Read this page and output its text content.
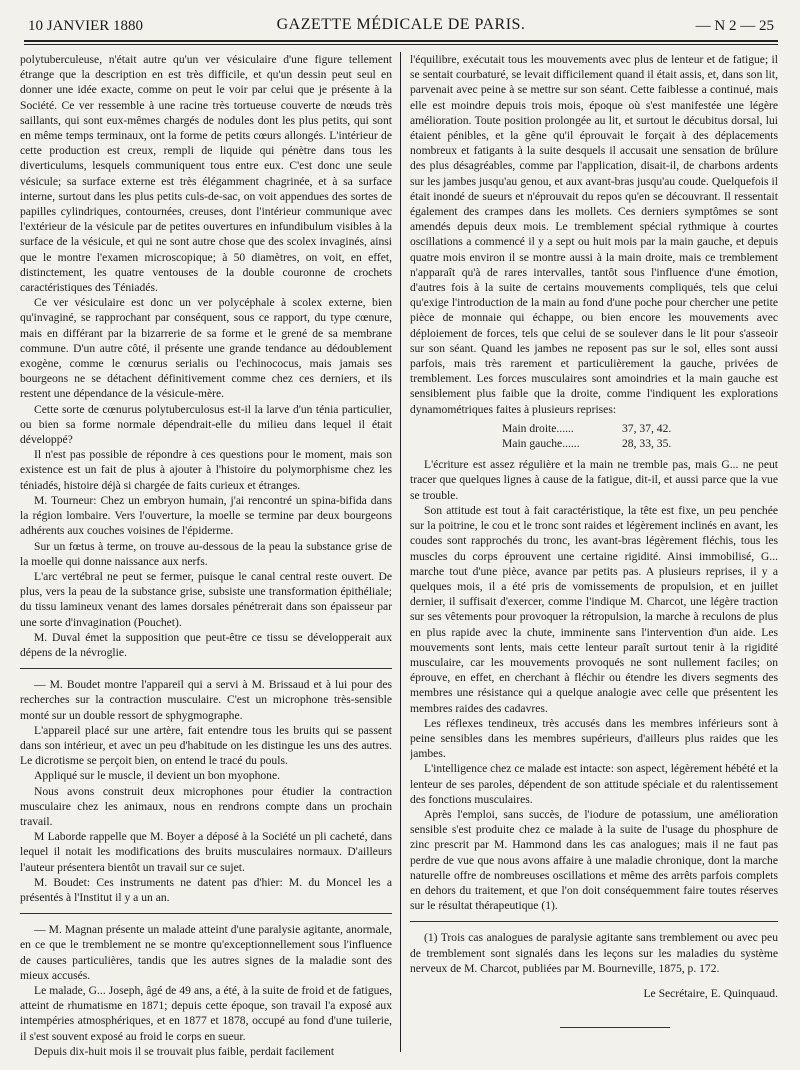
10 JANVIER 1880	GAZETTE MÉDICALE DE PARIS.	— N 2 — 25

polytuberculeuse, n'était autre qu'un ver vésiculaire d'une figure tellement étrange que la description en est très difficile, et qu'un dessin peut seul en donner une idée exacte, comme on peut le voir par celui que je présente à la Société. Ce ver ressemble à une racine très tortueuse couverte de nœuds très saillants, qui sont eux-mêmes chargés de nodules dont les plus petits, qui sont en même temps terminaux, ont la forme de petits cœurs allongés. L'intérieur de cette production est creux, rempli de liquide qui pénètre dans tous les diverticulums, lesquels communiquent tous entre eux. C'est donc une seule vésicule; sa surface externe est très élégamment chagrinée, et à sa surface interne, surtout dans les plus petits culs-de-sac, on voit appendues des sortes de papilles cylindriques, contournées, creuses, dont l'intérieur communique avec l'extérieur de la vésicule par de petites ouvertures en infundibulum visibles à la surface de la vésicule, et qui ne sont autre chose que des scolex invaginés, ainsi que le montre l'examen microscopique; à 50 diamètres, on voit, en effet, distinctement, les quatre ventouses de la double couronne de crochets caractéristiques des Téniadés.

Ce ver vésiculaire est donc un ver polycéphale à scolex externe, bien qu'invaginé, se rapprochant par conséquent, sous ce rapport, du type cœnure, mais en différant par la bizarrerie de sa forme et le grené de sa membrane commune. D'un autre côté, il présente une grande tendance au dédoublement exogène, comme le cœnurus serialis ou l'echinococus, mais jamais ses bourgeons ne se détachent définitivement comme chez ces derniers, et ils restent une dépendance de la vésicule-mère.

Cette sorte de cœnurus polytuberculosus est-il la larve d'un ténia particulier, ou bien sa forme normale dépendrait-elle du milieu dans lequel il était développé?

Il n'est pas possible de répondre à ces questions pour le moment, mais son existence est un fait de plus à ajouter à l'histoire du polymorphisme chez les téniadés, histoire déjà si chargée de faits curieux et étranges.

M. Tourneur: Chez un embryon humain, j'ai rencontré un spina-bifida dans la région lombaire. Vers l'ouverture, la moelle se termine par deux bourgeons adhérents aux couches voisines de l'épiderme.

Sur un fœtus à terme, on trouve au-dessous de la peau la substance grise de la moelle qui donne naissance aux nerfs.

L'arc vertébral ne peut se fermer, puisque le canal central reste ouvert. De plus, vers la peau de la substance grise, subsiste une transformation épithéliale; du tissu lamineux venant des lames dorsales pénétrerait dans son épaisseur par une sorte d'invagination (Pouchet).

M. Duval émet la supposition que peut-être ce tissu se développerait aux dépens de la névroglie.

— M. Boudet montre l'appareil qui a servi à M. Brissaud et à lui pour des recherches sur la contraction musculaire. C'est un microphone très-sensible monté sur un double ressort de sphygmographe.

L'appareil placé sur une artère, fait entendre tous les bruits qui se passent dans son intérieur, et avec un peu d'habitude on les distingue les uns des autres. Le dicrotisme se perçoit bien, on entend le tracé du pouls.

Appliqué sur le muscle, il devient un bon myophone.

Nous avons construit deux microphones pour étudier la contraction musculaire chez les animaux, nous en rendrons compte dans un prochain travail.

M Laborde rappelle que M. Boyer a déposé à la Société un pli cacheté, dans lequel il notait les modifications des bruits musculaires normaux. D'ailleurs l'auteur présentera bientôt un travail sur ce sujet.

M. Boudet: Ces instruments ne datent pas d'hier: M. du Moncel les a présentés à l'Institut il y a un an.

— M. Magnan présente un malade atteint d'une paralysie agitante, anormale, en ce que le tremblement ne se montre qu'exceptionnellement sous l'influence de causes particulières, tandis que les autres signes de la maladie sont des mieux accusés.

Le malade, G... Joseph, âgé de 49 ans, a été, à la suite de froid et de fatigues, atteint de rhumatisme en 1871; depuis cette époque, son travail l'a exposé aux intempéries atmosphériques, et en 1877 et 1878, occupé au fond d'une tuilerie, il s'est souvent exposé au froid le corps en sueur.

Depuis dix-huit mois il se trouvait plus faible, perdait facilement

l'équilibre, exécutait tous les mouvements avec plus de lenteur et de fatigue; il se sentait courbaturé, se levait difficilement quand il était assis, et, dans son lit, parvenait avec peine à se mettre sur son séant. Cette faiblesse a continué, mais elle est moindre depuis trois mois, époque où s'est manifestée une légère amélioration. Toute position prolongée au lit, et surtout le décubitus dorsal, lui étaient pénibles, et la gêne qu'il éprouvait le forçait à des déplacements nombreux et fatigants à la suite desquels il accusait une sensation de brûlure des plus désagréables, comme par l'application, disait-il, de charbons ardents sur les jambes jusqu'au genou, et aux avant-bras jusqu'au coude. Quelquefois il était inondé de sueurs et n'éprouvait du repos qu'en se découvrant. Il ressentait également des crampes dans les mollets. Ces derniers symptômes se sont amendés depuis deux mois. Le tremblement spécial rythmique à courtes oscillations a commencé il y a sept ou huit mois par la main gauche, et depuis quatre mois environ il se montre aussi à la main droite, mais ce tremblement n'apparaît qu'à de rares intervalles, tantôt sous l'influence d'une émotion, d'autres fois à la suite de certains mouvements compliqués, tels que celui qu'exige l'introduction de la main au fond d'une poche pour chercher une petite pièce de monnaie qui échappe, ou bien encore les mouvements avec déploiement de forces, tels que celui de se soulever dans le lit pour s'asseoir sur son séant. Quand les jambes ne reposent pas sur le sol, elles sont aussi parfois, mais très rarement et particulièrement la gauche, privées de tremblement. Les forces musculaires sont amoindries et la main gauche est sensiblement plus faible que la droite, comme l'indiquent les explorations dynamométriques faites à plusieurs reprises:

Main droite......	37, 37, 42.
Main gauche......	28, 33, 35.

L'écriture est assez régulière et la main ne tremble pas, mais G... ne peut tracer que quelques lignes à cause de la fatigue, dit-il, et aussi parce que la vue se trouble.

Son attitude est tout à fait caractéristique, la tête est fixe, un peu penchée sur la poitrine, le cou et le tronc sont raides et légèrement inclinés en avant, les coudes sont rapprochés du tronc, les avant-bras légèrement fléchis, tous les muscles du corps éprouvent une certaine rigidité. Ainsi immobilisé, G... marche tout d'une pièce, avance par petits pas. A plusieurs reprises, il y a quelques mois, il a été pris de vomissements de propulsion, et en juillet dernier, il suffisait d'exercer, comme l'indique M. Charcot, une légère traction sur ses vêtements pour provoquer la rétropulsion, la marche à reculons de plus en plus rapide avec la chute, imminente sans l'intervention d'un aide. Les mouvements sont lents, mais cette lenteur paraît surtout tenir à la rigidité musculaire, car les mouvements provoqués ne sont nullement faciles; on éprouve, en effet, en cherchant à fléchir ou étendre les divers segments des membres une résistance qui a quelque analogie avec celle que présentent les membres raides des cadavres.

Les réflexes tendineux, très accusés dans les membres inférieurs sont à peine sensibles dans les membres supérieurs, d'ailleurs plus raides que les jambes.

L'intelligence chez ce malade est intacte: son aspect, légèrement hébété et la lenteur de ses paroles, dépendent de son attitude spéciale et du ralentissement des fonctions musculaires.

Après l'emploi, sans succès, de l'iodure de potassium, une amélioration sensible s'est produite chez ce malade à la suite de l'usage du phosphure de zinc prescrit par M. Hammond dans les cas analogues; mais il ne faut pas perdre de vue que nous avons affaire à une maladie chronique, dont la marche naturelle offre de nombreuses oscillations et même des arrêts parfois complets en dehors du traitement, et que l'on doit conséquemment faire toutes réserves sur le résultat thérapeutique (1).

(1) Trois cas analogues de paralysie agitante sans tremblement ou avec peu de tremblement sont signalés dans les leçons sur les maladies du système nerveux de M. Charcot, publiées par M. Bourneville, 1875, p. 172.

Le Secrétaire, E. Quinquaud.
